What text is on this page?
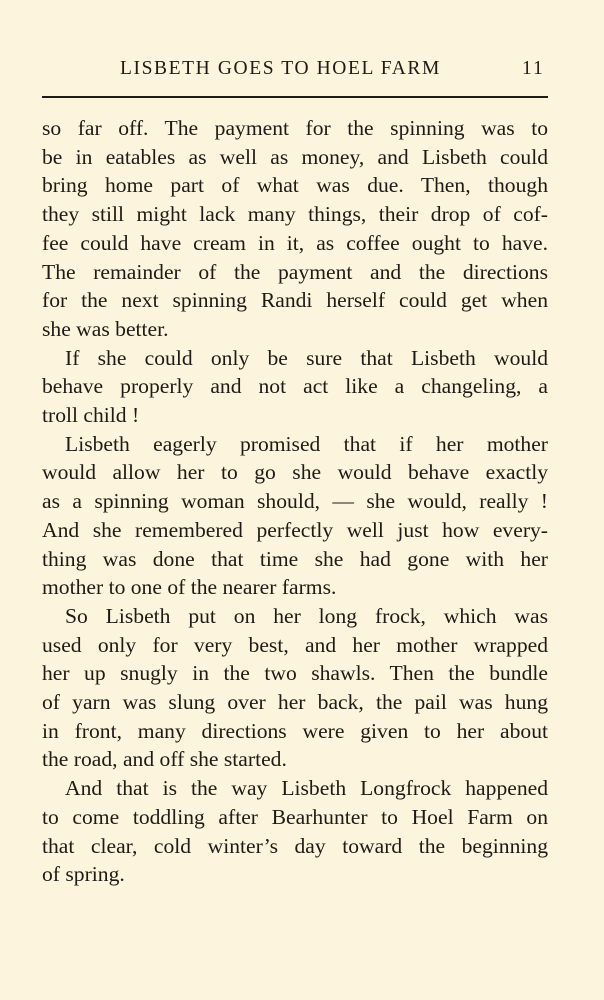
LISBETH GOES TO HOEL FARM	11
so far off. The payment for the spinning was to
be in eatables as well as money, and Lisbeth could
bring home part of what was due. Then, though
they still might lack many things, their drop of cof-
fee could have cream in it, as coffee ought to have.
The remainder of the payment and the directions
for the next spinning Randi herself could get when
she was better.
If she could only be sure that Lisbeth would
behave properly and not act like a changeling, a
troll child !
Lisbeth eagerly promised that if her mother
would allow her to go she would behave exactly
as a spinning woman should, — she would, really !
And she remembered perfectly well just how every-
thing was done that time she had gone with her
mother to one of the nearer farms.
So Lisbeth put on her long frock, which was
used only for very best, and her mother wrapped
her up snugly in the two shawls. Then the bundle
of yarn was slung over her back, the pail was hung
in front, many directions were given to her about
the road, and off she started.
And that is the way Lisbeth Longfrock happened
to come toddling after Bearhunter to Hoel Farm on
that clear, cold winter’s day toward the beginning
of spring.
